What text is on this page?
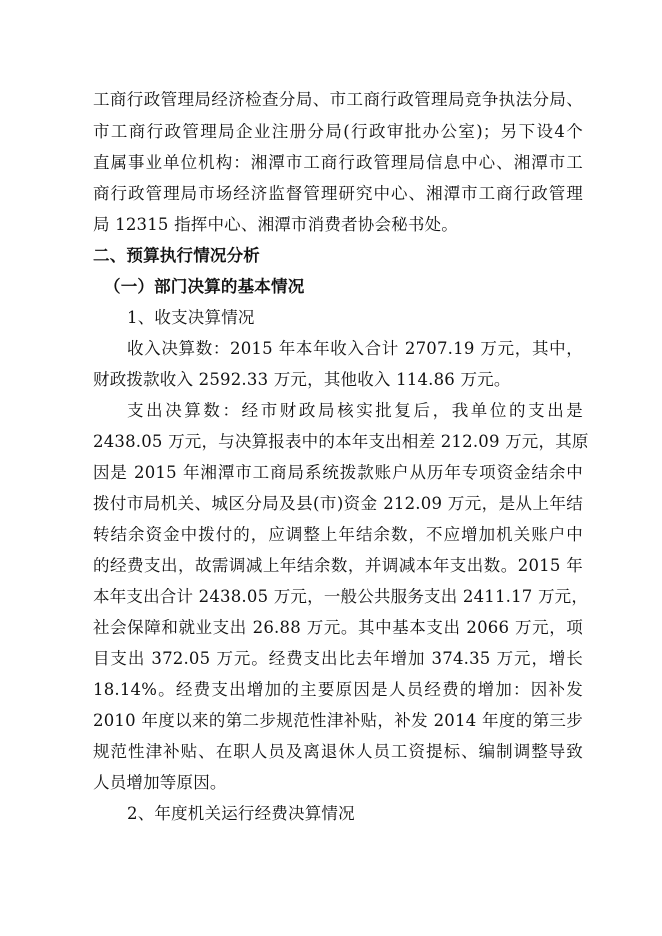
工商行政管理局经济检查分局、市工商行政管理局竞争执法分局、
市工商行政管理局企业注册分局(行政审批办公室)；另下设4个
直属事业单位机构：湘潭市工商行政管理局信息中心、湘潭市工
商行政管理局市场经济监督管理研究中心、湘潭市工商行政管理
局 12315 指挥中心、湘潭市消费者协会秘书处。
二、预算执行情况分析
（一）部门决算的基本情况
1、收支决算情况
收入决算数：2015 年本年收入合计 2707.19 万元，其中，
财政拨款收入 2592.33 万元，其他收入 114.86 万元。
支出决算数：经市财政局核实批复后，我单位的支出是
2438.05 万元，与决算报表中的本年支出相差 212.09 万元，其原
因是 2015 年湘潭市工商局系统拨款账户从历年专项资金结余中
拨付市局机关、城区分局及县(市)资金 212.09 万元，是从上年结
转结余资金中拨付的，应调整上年结余数，不应增加机关账户中
的经费支出，故需调减上年结余数，并调减本年支出数。2015 年
本年支出合计 2438.05 万元，一般公共服务支出 2411.17 万元，
社会保障和就业支出 26.88 万元。其中基本支出 2066 万元，项
目支出 372.05 万元。经费支出比去年增加 374.35 万元，增长
18.14%。经费支出增加的主要原因是人员经费的增加：因补发
2010 年度以来的第二步规范性津补贴，补发 2014 年度的第三步
规范性津补贴、在职人员及离退休人员工资提标、编制调整导致
人员增加等原因。
2、年度机关运行经费决算情况
